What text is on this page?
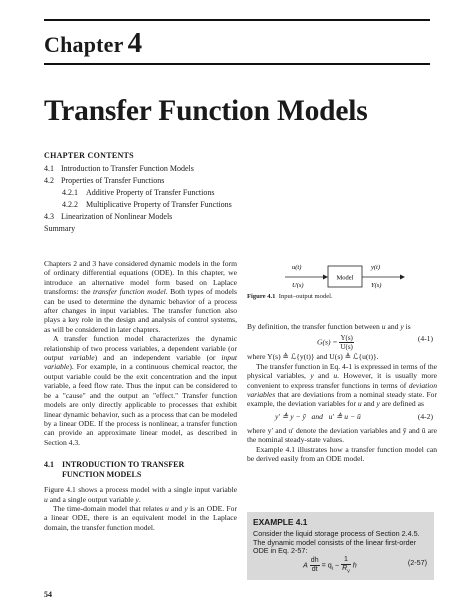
Chapter 4
Transfer Function Models
CHAPTER CONTENTS
4.1 Introduction to Transfer Function Models
4.2 Properties of Transfer Functions
4.2.1 Additive Property of Transfer Functions
4.2.2 Multiplicative Property of Transfer Functions
4.3 Linearization of Nonlinear Models
Summary

Chapters 2 and 3 have considered dynamic models in the form of ordinary differential equations (ODE). In this chapter, we introduce an alternative model form based on Laplace transforms: the transfer function model. Both types of models can be used to determine the dynamic behavior of a process after changes in input variables. The transfer function also plays a key role in the design and analysis of control systems, as will be considered in later chapters.

A transfer function model characterizes the dynamic relationship of two process variables, a dependent variable (or output variable) and an independent variable (or input variable). For example, in a continuous chemical reactor, the output variable could be the exit concentration and the input variable, a feed flow rate. Thus the input can be considered to be a "cause" and the output an "effect." Transfer function models are only directly applicable to processes that exhibit linear dynamic behavior, such as a process that can be modeled by a linear ODE. If the process is nonlinear, a transfer function can provide an approximate linear model, as described in Section 4.3.

4.1 INTRODUCTION TO TRANSFER
FUNCTION MODELS

Figure 4.1 shows a process model with a single input variable u and a single output variable y.

The time-domain model that relates u and y is an ODE. For a linear ODE, there is an equivalent model in the Laplace domain, the transfer function model.

u(t)
U(s)
Model
y(t)
Y(s)
Figure 4.1 Input–output model.

By definition, the transfer function between u and y is

$G(s) = \frac{Y(s)}{U(s)}$	(4-1)

where Y(s) ≜ ℒ{y(t)} and U(s) ≜ ℒ{u(t)}.

The transfer function in Eq. 4-1 is expressed in terms of the physical variables, y and u. However, it is usually more convenient to express transfer functions in terms of deviation variables that are deviations from a nominal steady state. For example, the deviation variables for u and y are defined as

y′ ≜ y − ȳ   and   u′ ≜ u − ū	(4-2)

where y′ and u′ denote the deviation variables and ȳ and ū are the nominal steady-state values.

Example 4.1 illustrates how a transfer function model can be derived easily from an ODE model.

EXAMPLE 4.1
Consider the liquid storage process of Section 2.4.5. The dynamic model consists of the linear first-order ODE in Eq. 2-57:
A $\frac{dh}{dt} = q_i - \frac{1}{R_v}$ h	(2-57)
54
